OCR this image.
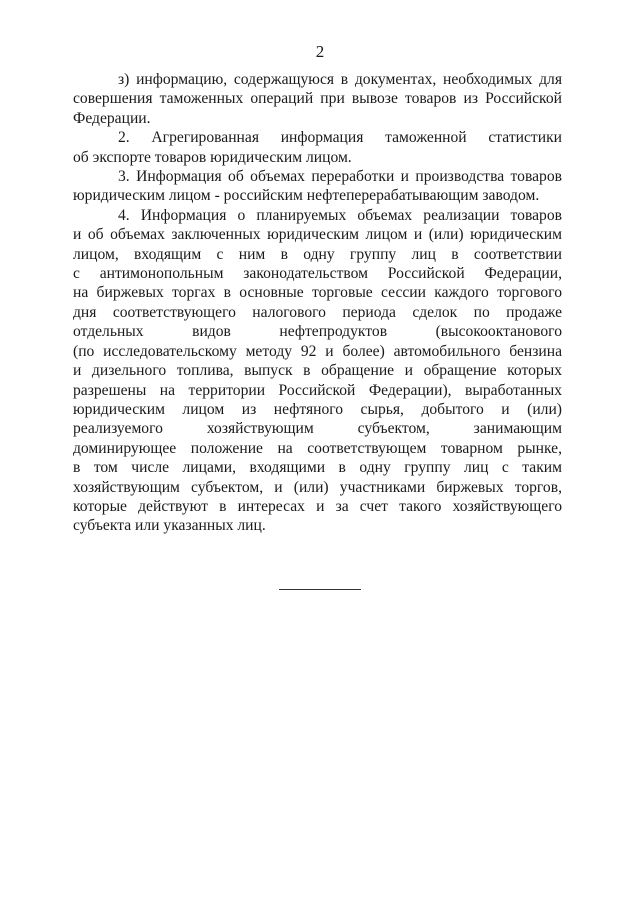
2
з) информацию, содержащуюся в документах, необходимых для
совершения таможенных операций при вывозе товаров из Российской
Федерации.
2. Агрегированная информация таможенной статистики
об экспорте товаров юридическим лицом.
3. Информация об объемах переработки и производства товаров
юридическим лицом - российским нефтеперерабатывающим заводом.
4. Информация о планируемых объемах реализации товаров
и об объемах заключенных юридическим лицом и (или) юридическим
лицом, входящим с ним в одну группу лиц в соответствии
с антимонопольным законодательством Российской Федерации,
на биржевых торгах в основные торговые сессии каждого торгового
дня соответствующего налогового периода сделок по продаже
отдельных видов нефтепродуктов (высокооктанового
(по исследовательскому методу 92 и более) автомобильного бензина
и дизельного топлива, выпуск в обращение и обращение которых
разрешены на территории Российской Федерации), выработанных
юридическим лицом из нефтяного сырья, добытого и (или)
реализуемого хозяйствующим субъектом, занимающим
доминирующее положение на соответствующем товарном рынке,
в том числе лицами, входящими в одну группу лиц с таким
хозяйствующим субъектом, и (или) участниками биржевых торгов,
которые действуют в интересах и за счет такого хозяйствующего
субъекта или указанных лиц.
